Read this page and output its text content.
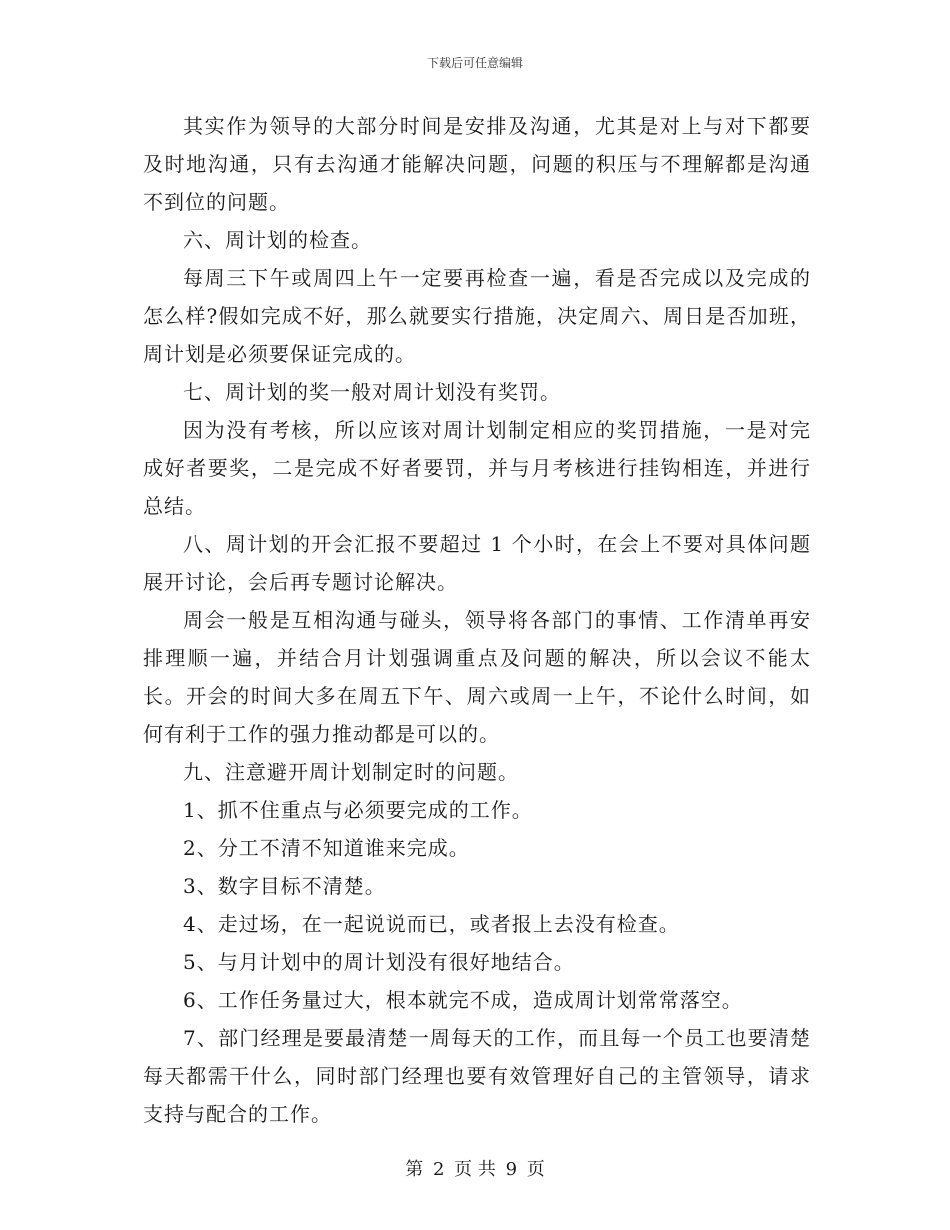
下载后可任意编辑

其实作为领导的大部分时间是安排及沟通，尤其是对上与对下都要及时地沟通，只有去沟通才能解决问题，问题的积压与不理解都是沟通不到位的问题。

六、周计划的检查。

每周三下午或周四上午一定要再检查一遍，看是否完成以及完成的怎么样?假如完成不好，那么就要实行措施，决定周六、周日是否加班，周计划是必须要保证完成的。

七、周计划的奖一般对周计划没有奖罚。

因为没有考核，所以应该对周计划制定相应的奖罚措施，一是对完成好者要奖，二是完成不好者要罚，并与月考核进行挂钩相连，并进行总结。

八、周计划的开会汇报不要超过 1 个小时，在会上不要对具体问题展开讨论，会后再专题讨论解决。

周会一般是互相沟通与碰头，领导将各部门的事情、工作清单再安排理顺一遍，并结合月计划强调重点及问题的解决，所以会议不能太长。开会的时间大多在周五下午、周六或周一上午，不论什么时间，如何有利于工作的强力推动都是可以的。

九、注意避开周计划制定时的问题。

1、抓不住重点与必须要完成的工作。

2、分工不清不知道谁来完成。

3、数字目标不清楚。

4、走过场，在一起说说而已，或者报上去没有检查。

5、与月计划中的周计划没有很好地结合。

6、工作任务量过大，根本就完不成，造成周计划常常落空。

7、部门经理是要最清楚一周每天的工作，而且每一个员工也要清楚每天都需干什么，同时部门经理也要有效管理好自己的主管领导，请求支持与配合的工作。

第 2 页 共 9 页
